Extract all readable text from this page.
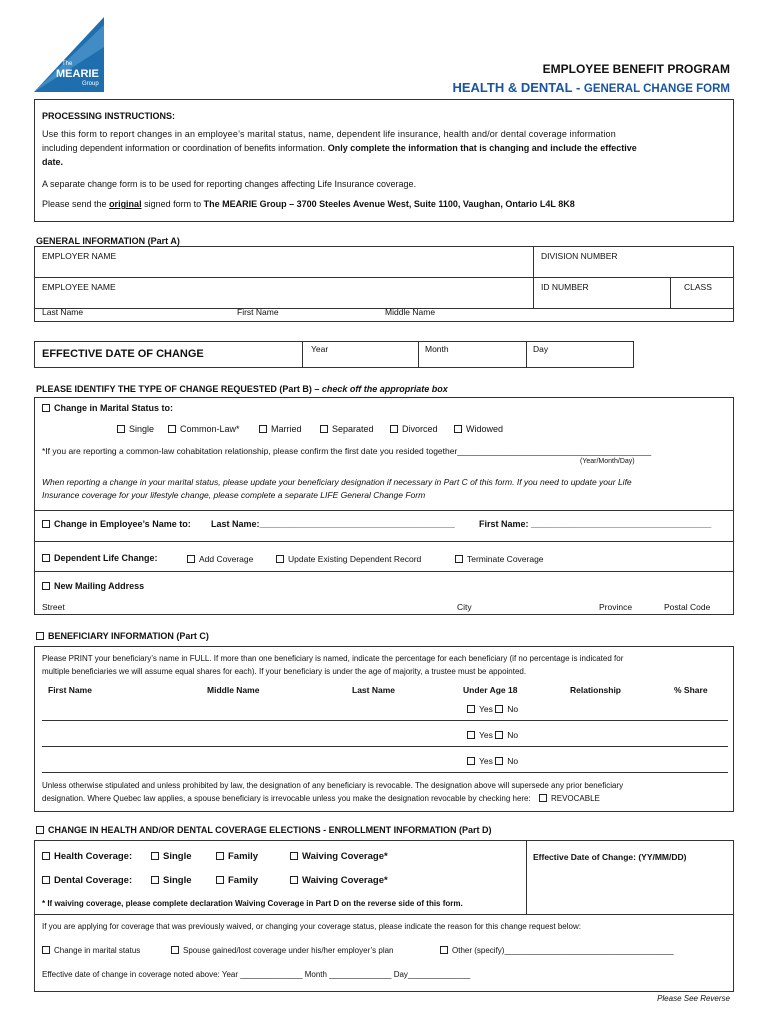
The
MEARIE
Group
EMPLOYEE BENEFIT PROGRAM
HEALTH & DENTAL - GENERAL CHANGE FORM
PROCESSING INSTRUCTIONS:
Use this form to report changes in an employee’s marital status, name, dependent life insurance, health and/or dental coverage information
including dependent information or coordination of benefits information. Only complete the information that is changing and include the effective
date.
A separate change form is to be used for reporting changes affecting Life Insurance coverage.
Please send the original signed form to The MEARIE Group – 3700 Steeles Avenue West, Suite 1100, Vaughan, Ontario L4L 8K8
GENERAL INFORMATION (Part A)
EMPLOYER NAME	DIVISION NUMBER
EMPLOYEE NAME	ID NUMBER	CLASS
Last Name	First Name	Middle Name
EFFECTIVE DATE OF CHANGE	Year	Month	Day
PLEASE IDENTIFY THE TYPE OF CHANGE REQUESTED (Part B) – check off the appropriate box
Change in Marital Status to:
Single	Common-Law*	Married	Separated	Divorced	Widowed
*If you are reporting a common-law cohabitation relationship, please confirm the first date you resided together_________________________________________
(Year/Month/Day)
When reporting a change in your marital status, please update your beneficiary designation if necessary in Part C of this form. If you need to update your Life
Insurance coverage for your lifestyle change, please complete a separate LIFE General Change Form
Change in Employee’s Name to: Last Name:_______________________________________	First Name: ____________________________________
Dependent Life Change:	Add Coverage	Update Existing Dependent Record	Terminate Coverage
New Mailing Address
Street	City	Province	Postal Code
BENEFICIARY INFORMATION (Part C)
Please PRINT your beneficiary’s name in FULL. If more than one beneficiary is named, indicate the percentage for each beneficiary (if no percentage is indicated for
multiple beneficiaries we will assume equal shares for each). If your beneficiary is under the age of majority, a trustee must be appointed.
First Name	Middle Name	Last Name	Under Age 18	Relationship	% Share
Yes No
Yes No
Yes No
Unless otherwise stipulated and unless prohibited by law, the designation of any beneficiary is revocable. The designation above will supersede any prior beneficiary
designation. Where Quebec law applies, a spouse beneficiary is irrevocable unless you make the designation revocable by checking here:	REVOCABLE
CHANGE IN HEALTH AND/OR DENTAL COVERAGE ELECTIONS - ENROLLMENT INFORMATION (Part D)
Health Coverage:	Single	Family	Waiving Coverage*	Effective Date of Change: (YY/MM/DD)
Dental Coverage:	Single	Family	Waiving Coverage*
* If waiving coverage, please complete declaration Waiving Coverage in Part D on the reverse side of this form.
If you are applying for coverage that was previously waived, or changing your coverage status, please indicate the reason for this change request below:
Change in marital status	Spouse gained/lost coverage under his/her employer’s plan	Other (specify)______________________________________
Effective date of change in coverage noted above: Year ______________ Month ______________ Day______________
Please See Reverse
